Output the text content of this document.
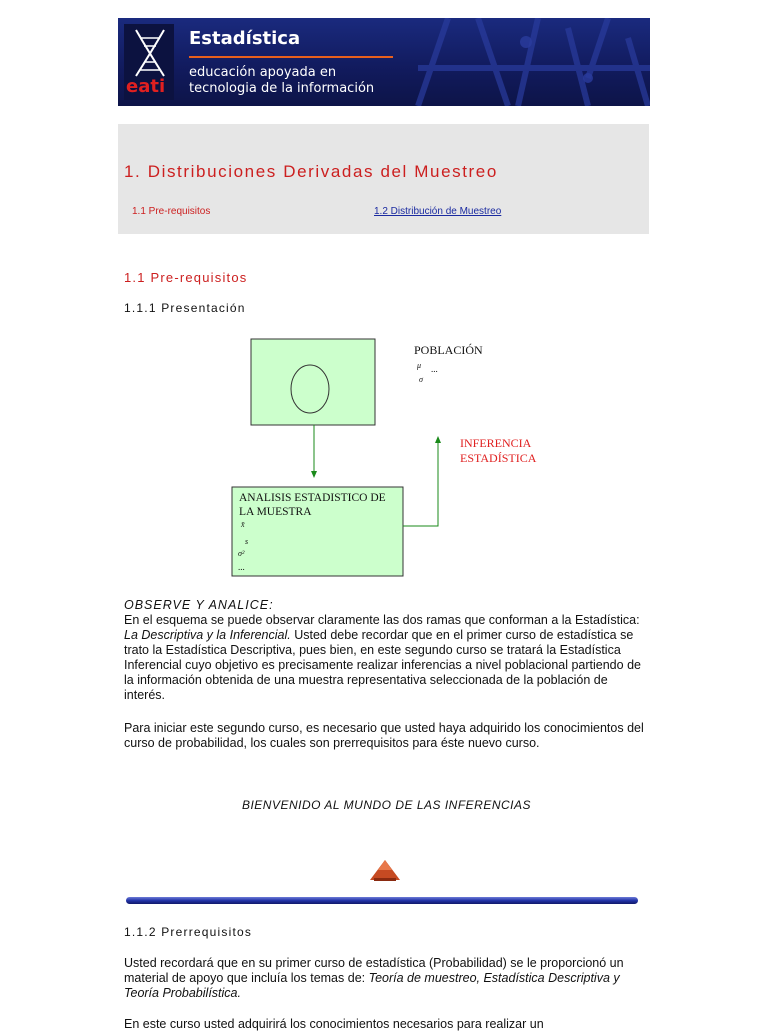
eati
Estadística
educación apoyada en
tecnologia de la información
1. Distribuciones Derivadas del Muestreo
1.1 Pre-requisitos	1.2 Distribución de Muestreo
1.1 Pre-requisitos
1.1.1 Presentación
POBLACIÓN
μ ...
σ
INFERENCIA
ESTADÍSTICA
ANALISIS ESTADISTICO DE
LA MUESTRA
x̄
s
σ²
...
OBSERVE Y ANALICE:
En el esquema se puede observar claramente las dos ramas que conforman a la Estadística: La Descriptiva y la Inferencial. Usted debe recordar que en el primer curso de estadística se trato la Estadística Descriptiva, pues bien, en este segundo curso se tratará la Estadística Inferencial cuyo objetivo es precisamente realizar inferencias a nivel poblacional partiendo de la información obtenida de una muestra representativa seleccionada de la población de interés.
Para iniciar este segundo curso, es necesario que usted haya adquirido los conocimientos del curso de probabilidad, los cuales son prerrequisitos para éste nuevo curso.
BIENVENIDO AL MUNDO DE LAS INFERENCIAS
1.1.2 Prerrequisitos
Usted recordará que en su primer curso de estadística (Probabilidad) se le proporcionó un material de apoyo que incluía los temas de: Teoría de muestreo, Estadística Descriptiva y Teoría Probabilística.
En este curso usted adquirirá los conocimientos necesarios para realizar un
